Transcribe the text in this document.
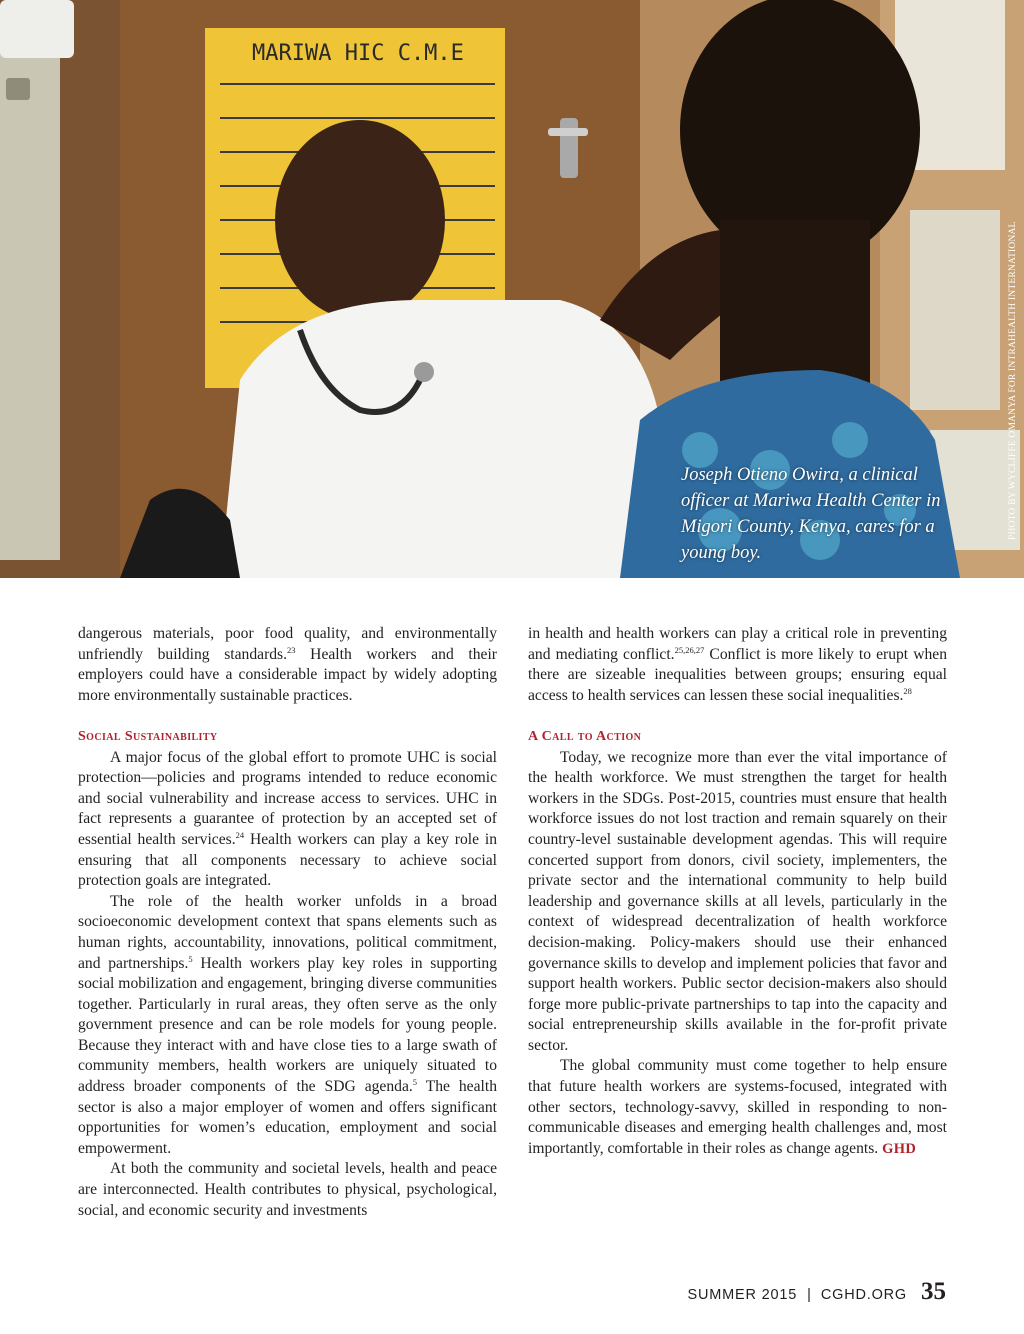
MARIWA HIC C.M.E
Joseph Otieno Owira, a clinical officer at Mariwa Health Center in Migori County, Kenya, cares for a young boy.
PHOTO BY WYCLIFFE OMANYA FOR INTRAHEALTH INTERNATIONAL

dangerous materials, poor food quality, and environmentally unfriendly building standards.$^{23}$ Health workers and their employers could have a considerable impact by widely adopting more environmentally sustainable practices.

Social Sustainability

A major focus of the global effort to promote UHC is social protection—policies and programs intended to reduce economic and social vulnerability and increase access to services. UHC in fact represents a guarantee of protection by an accepted set of essential health services.$^{24}$ Health workers can play a key role in ensuring that all components necessary to achieve social protection goals are integrated.

The role of the health worker unfolds in a broad socioeconomic development context that spans elements such as human rights, accountability, innovations, political commitment, and partnerships.$^5$ Health workers play key roles in supporting social mobilization and engagement, bringing diverse communities together. Particularly in rural areas, they often serve as the only government presence and can be role models for young people. Because they interact with and have close ties to a large swath of community members, health workers are uniquely situated to address broader components of the SDG agenda.$^5$ The health sector is also a major employer of women and offers significant opportunities for women’s education, employment and social empowerment.

At both the community and societal levels, health and peace are interconnected. Health contributes to physical, psychological, social, and economic security and investments

in health and health workers can play a critical role in preventing and mediating conflict.$^{25,26,27}$ Conflict is more likely to erupt when there are sizeable inequalities between groups; ensuring equal access to health services can lessen these social inequalities.$^{28}$

A Call to Action

Today, we recognize more than ever the vital importance of the health workforce. We must strengthen the target for health workers in the SDGs. Post-2015, countries must ensure that health workforce issues do not lost traction and remain squarely on their country-level sustainable development agendas. This will require concerted support from donors, civil society, implementers, the private sector and the international community to help build leadership and governance skills at all levels, particularly in the context of widespread decentralization of health workforce decision-making. Policy-makers should use their enhanced governance skills to develop and implement policies that favor and support health workers. Public sector decision-makers also should forge more public-private partnerships to tap into the capacity and social entrepreneurship skills available in the for-profit private sector.

The global community must come together to help ensure that future health workers are systems-focused, integrated with other sectors, technology-savvy, skilled in responding to non-communicable diseases and emerging health challenges and, most importantly, comfortable in their roles as change agents. GHD

SUMMER 2015 | CGHD.ORG 35
